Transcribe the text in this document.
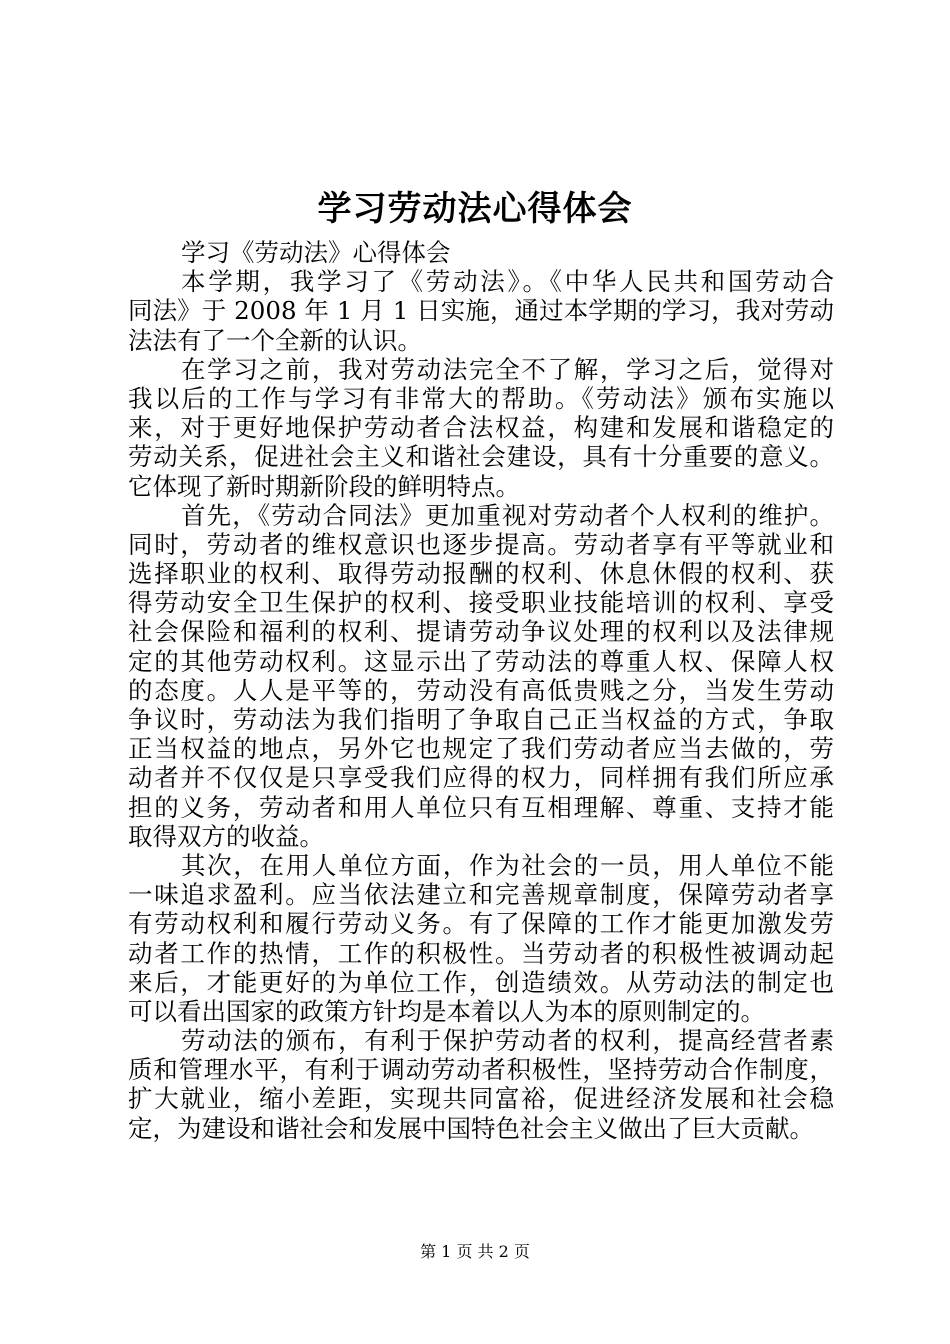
学习劳动法心得体会
学习《劳动法》心得体会
本学期，我学习了《劳动法》。《中华人民共和国劳动合
同法》于 2008 年 1 月 1 日实施，通过本学期的学习，我对劳动
法法有了一个全新的认识。
在学习之前，我对劳动法完全不了解，学习之后，觉得对
我以后的工作与学习有非常大的帮助。《劳动法》颁布实施以
来，对于更好地保护劳动者合法权益，构建和发展和谐稳定的
劳动关系，促进社会主义和谐社会建设，具有十分重要的意义。
它体现了新时期新阶段的鲜明特点。
首先，《劳动合同法》更加重视对劳动者个人权利的维护。
同时，劳动者的维权意识也逐步提高。劳动者享有平等就业和
选择职业的权利、取得劳动报酬的权利、休息休假的权利、获
得劳动安全卫生保护的权利、接受职业技能培训的权利、享受
社会保险和福利的权利、提请劳动争议处理的权利以及法律规
定的其他劳动权利。这显示出了劳动法的尊重人权、保障人权
的态度。人人是平等的，劳动没有高低贵贱之分，当发生劳动
争议时，劳动法为我们指明了争取自己正当权益的方式，争取
正当权益的地点，另外它也规定了我们劳动者应当去做的，劳
动者并不仅仅是只享受我们应得的权力，同样拥有我们所应承
担的义务，劳动者和用人单位只有互相理解、尊重、支持才能
取得双方的收益。
其次，在用人单位方面，作为社会的一员，用人单位不能
一味追求盈利。应当依法建立和完善规章制度，保障劳动者享
有劳动权利和履行劳动义务。有了保障的工作才能更加激发劳
动者工作的热情，工作的积极性。当劳动者的积极性被调动起
来后，才能更好的为单位工作，创造绩效。从劳动法的制定也
可以看出国家的政策方针均是本着以人为本的原则制定的。
劳动法的颁布，有利于保护劳动者的权利，提高经营者素
质和管理水平，有利于调动劳动者积极性，坚持劳动合作制度，
扩大就业，缩小差距，实现共同富裕，促进经济发展和社会稳
定，为建设和谐社会和发展中国特色社会主义做出了巨大贡献。

第 1 页 共 2 页
